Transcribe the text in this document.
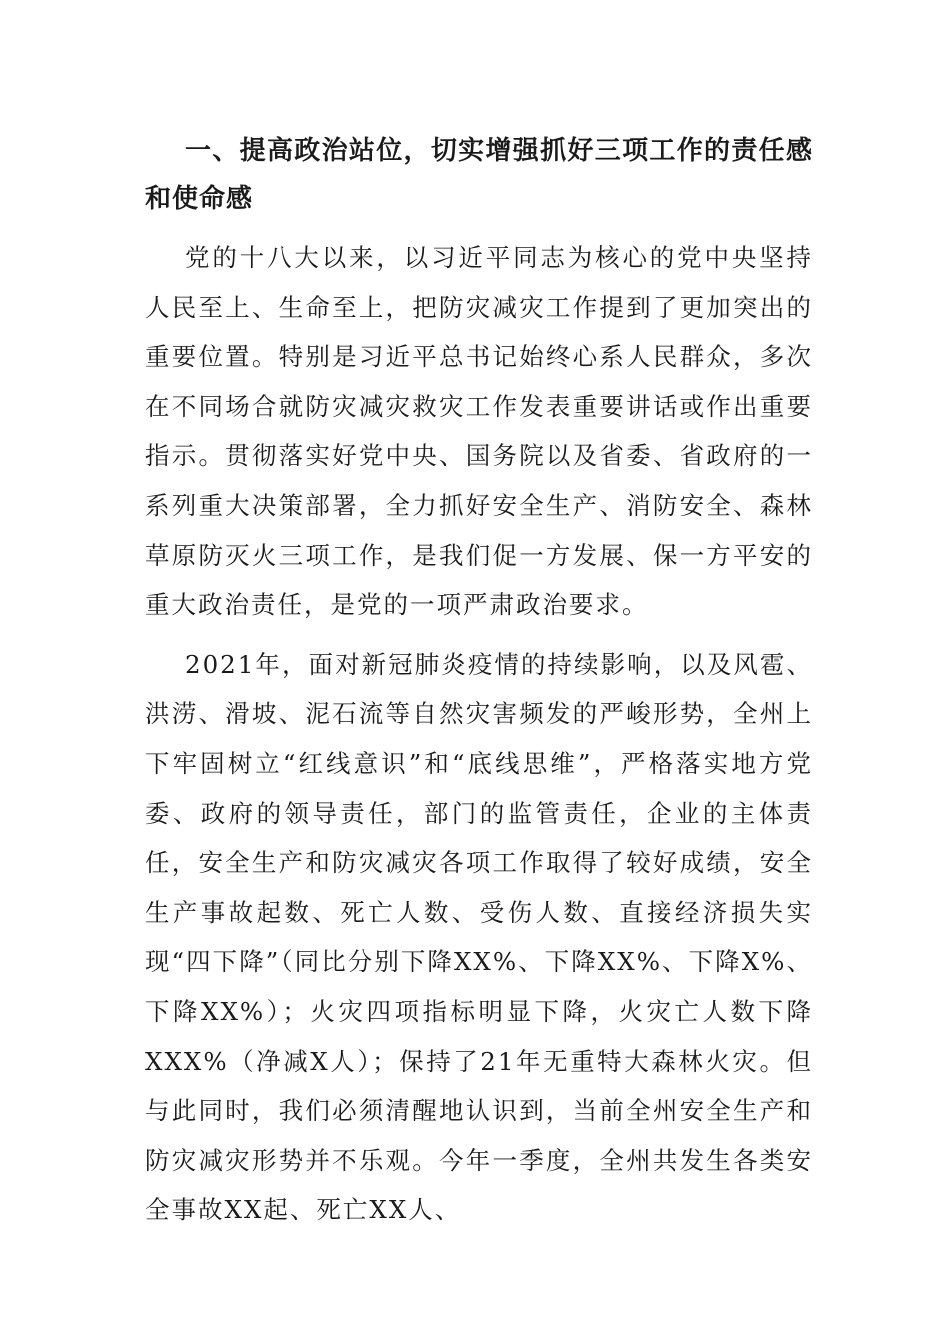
一、提高政治站位，切实增强抓好三项工作的责任感和使命感

党的十八大以来，以习近平同志为核心的党中央坚持人民至上、生命至上，把防灾减灾工作提到了更加突出的重要位置。特别是习近平总书记始终心系人民群众，多次在不同场合就防灾减灾救灾工作发表重要讲话或作出重要指示。贯彻落实好党中央、国务院以及省委、省政府的一系列重大决策部署，全力抓好安全生产、消防安全、森林草原防灭火三项工作，是我们促一方发展、保一方平安的重大政治责任，是党的一项严肃政治要求。

2021年，面对新冠肺炎疫情的持续影响，以及风雹、洪涝、滑坡、泥石流等自然灾害频发的严峻形势，全州上下牢固树立“红线意识”和“底线思维”，严格落实地方党委、政府的领导责任，部门的监管责任，企业的主体责任，安全生产和防灾减灾各项工作取得了较好成绩，安全生产事故起数、死亡人数、受伤人数、直接经济损失实现“四下降”（同比分别下降XX%、下降XX%、下降X%、下降XX%）；火灾四项指标明显下降，火灾亡人数下降XXX%（净减X人）；保持了21年无重特大森林火灾。但与此同时，我们必须清醒地认识到，当前全州安全生产和防灾减灾形势并不乐观。今年一季度，全州共发生各类安全事故XX起、死亡XX人、
